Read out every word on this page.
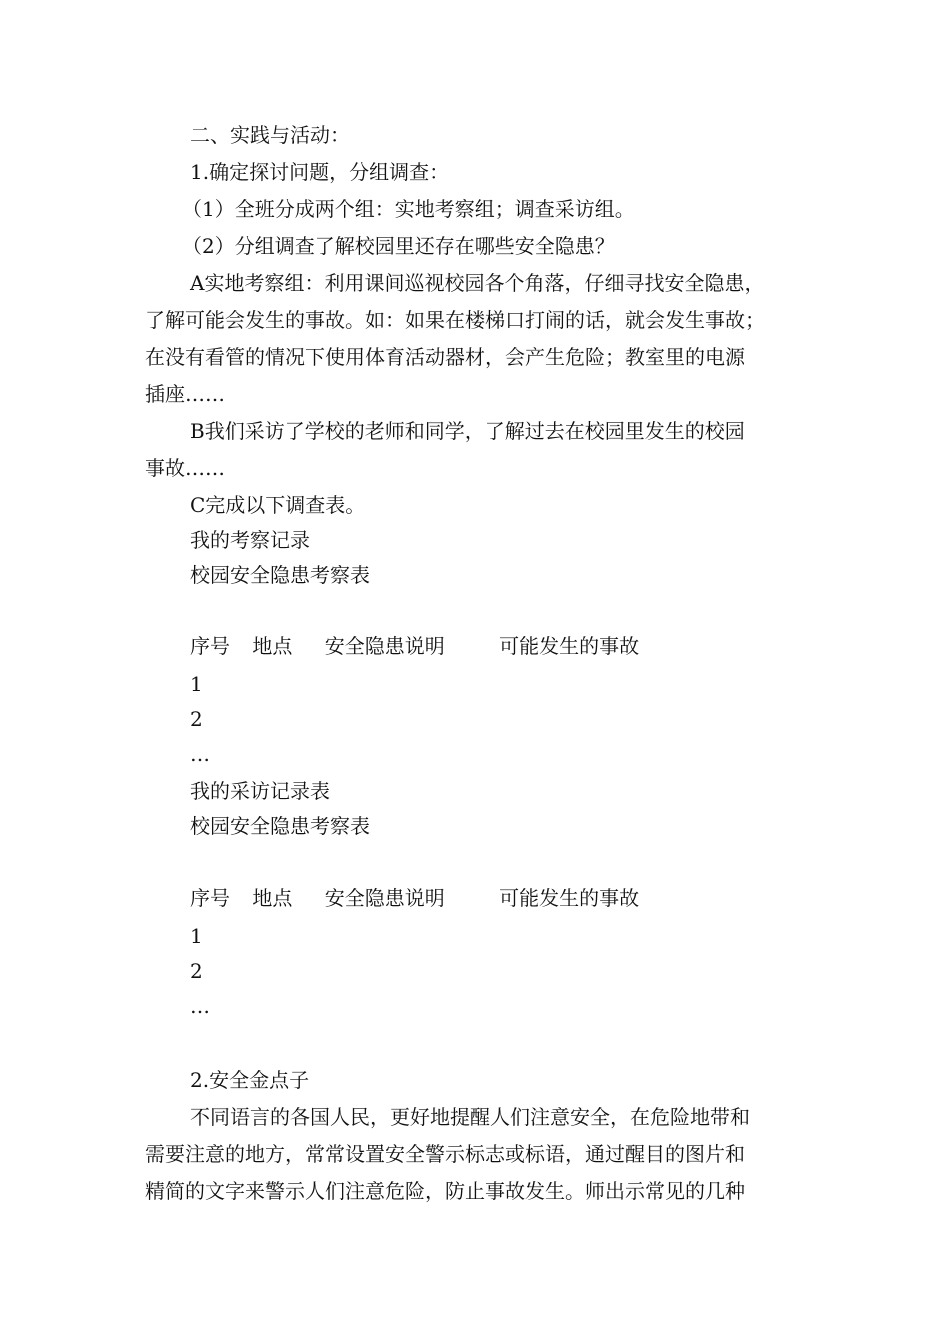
二、实践与活动：
1.确定探讨问题，分组调查：
（1）全班分成两个组：实地考察组；调查采访组。
（2）分组调查了解校园里还存在哪些安全隐患？
A实地考察组：利用课间巡视校园各个角落，仔细寻找安全隐患，
了解可能会发生的事故。如：如果在楼梯口打闹的话，就会发生事故；
在没有看管的情况下使用体育活动器材，会产生危险；教室里的电源
插座……
B我们采访了学校的老师和同学，了解过去在校园里发生的校园
事故……
C完成以下调查表。
我的考察记录
校园安全隐患考察表
序号 地点 安全隐患说明	可能发生的事故
1
2
…
我的采访记录表
校园安全隐患考察表
序号 地点 安全隐患说明	可能发生的事故
1
2
…
2.安全金点子
不同语言的各国人民，更好地提醒人们注意安全，在危险地带和
需要注意的地方，常常设置安全警示标志或标语，通过醒目的图片和
精简的文字来警示人们注意危险，防止事故发生。师出示常见的几种
